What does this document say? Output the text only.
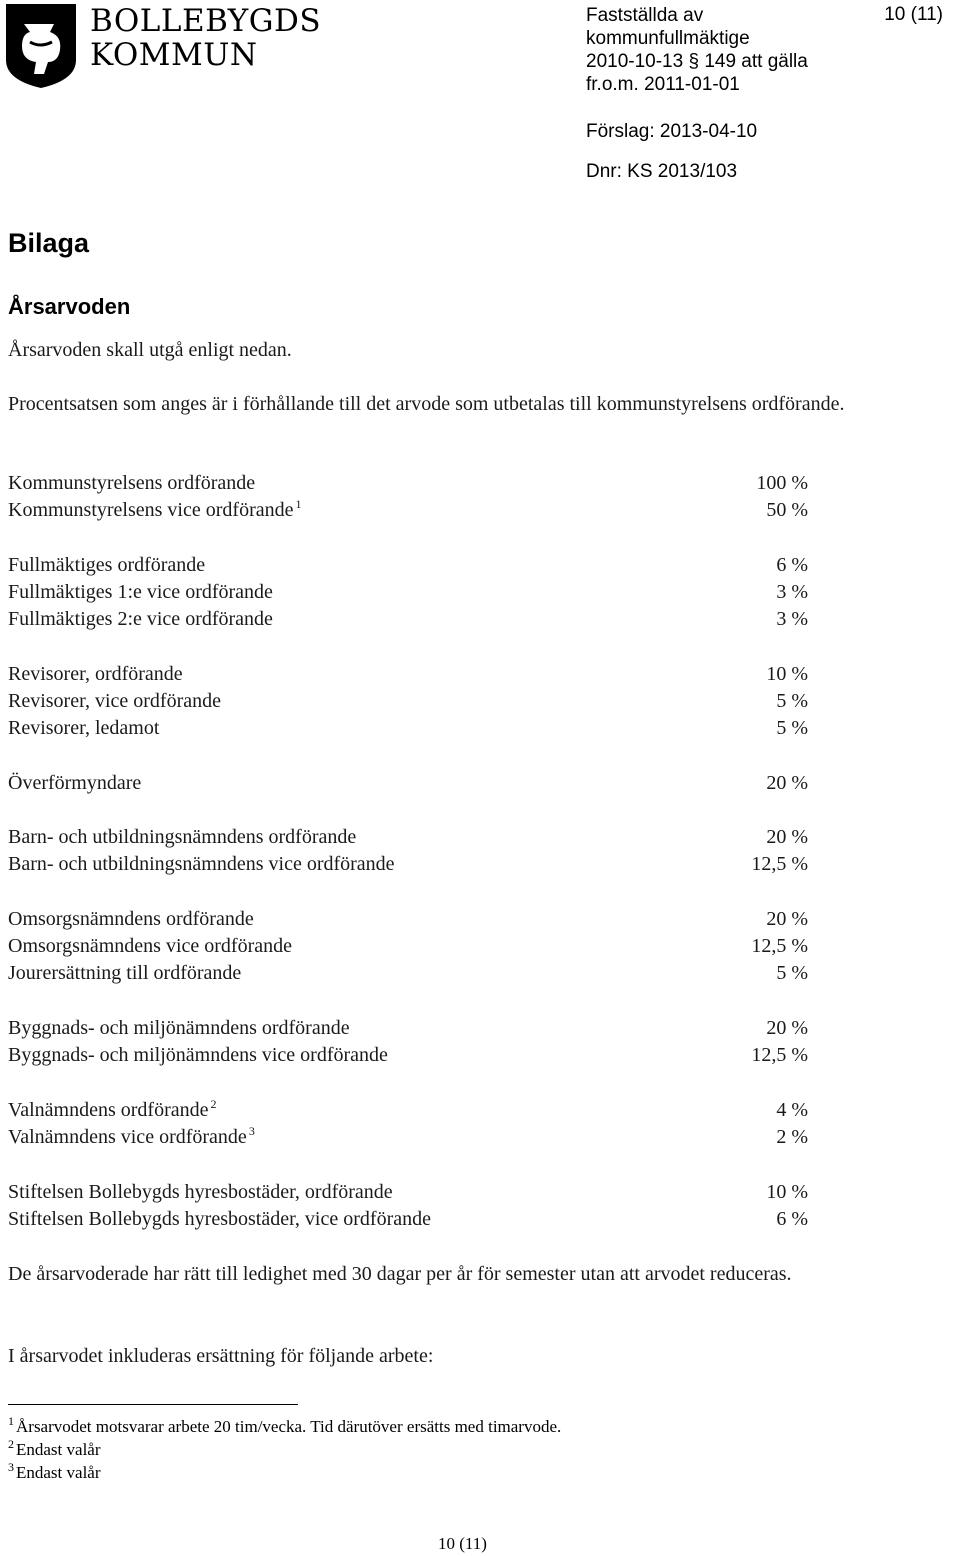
BOLLEBYGDS
KOMMUN
Fastställda av
kommunfullmäktige
2010-10-13 § 149 att gälla
fr.o.m. 2011-01-01
Förslag: 2013-04-10
Dnr: KS 2013/103
10 (11)
Bilaga
Årsarvoden
Årsarvoden skall utgå enligt nedan.
Procentsatsen som anges är i förhållande till det arvode som utbetalas till kommunstyrelsens ordförande.
Kommunstyrelsens ordförande	100 %
Kommunstyrelsens vice ordförande $^1$	50 %
Fullmäktiges ordförande	6 %
Fullmäktiges 1:e vice ordförande	3 %
Fullmäktiges 2:e vice ordförande	3 %
Revisorer, ordförande	10 %
Revisorer, vice ordförande	5 %
Revisorer, ledamot	5 %
Överförmyndare	20 %
Barn- och utbildningsnämndens ordförande	20 %
Barn- och utbildningsnämndens vice ordförande	12,5 %
Omsorgsnämndens ordförande	20 %
Omsorgsnämndens vice ordförande	12,5 %
Jourersättning till ordförande	5 %
Byggnads- och miljönämndens ordförande	20 %
Byggnads- och miljönämndens vice ordförande	12,5 %
Valnämndens ordförande $^2$	4 %
Valnämndens vice ordförande $^3$	2 %
Stiftelsen Bollebygds hyresbostäder, ordförande	10 %
Stiftelsen Bollebygds hyresbostäder, vice ordförande	6 %
De årsarvoderade har rätt till ledighet med 30 dagar per år för semester utan att arvodet reduceras.
I årsarvodet inkluderas ersättning för följande arbete:
$^1$ Årsarvodet motsvarar arbete 20 tim/vecka. Tid därutöver ersätts med timarvode.
$^2$ Endast valår
$^3$ Endast valår
10 (11)
